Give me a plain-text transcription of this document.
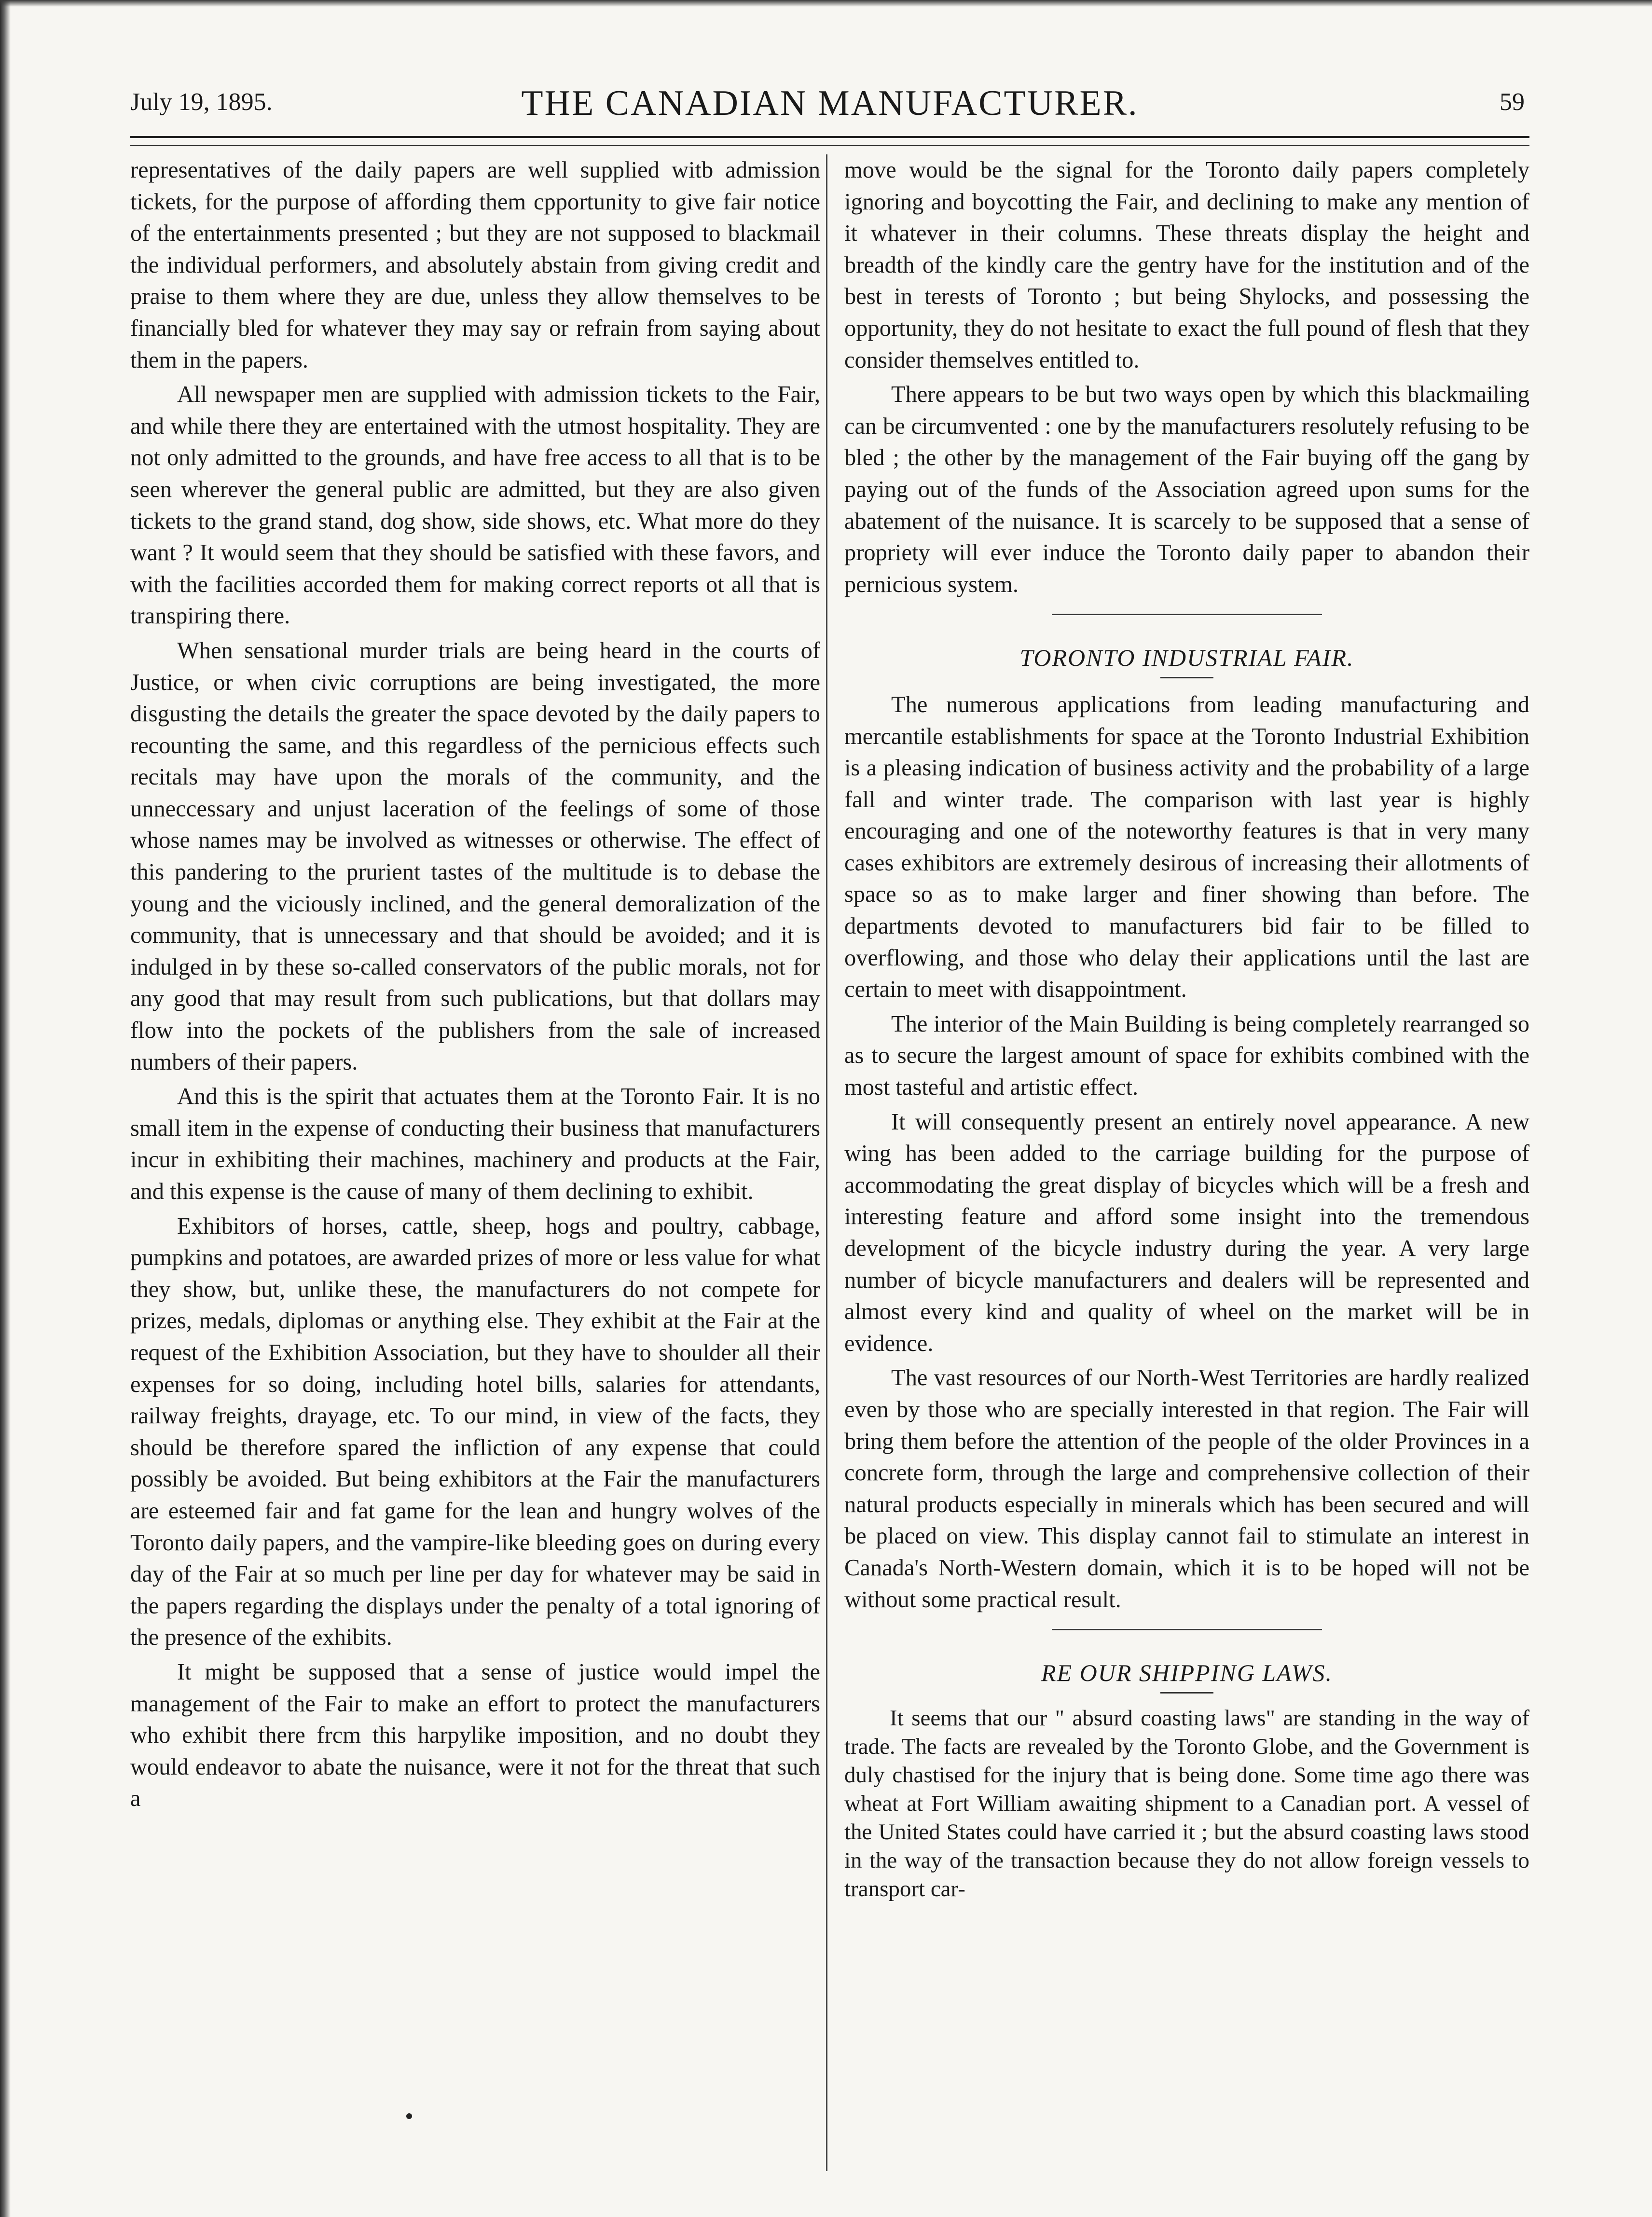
July 19, 1895.	THE CANADIAN MANUFACTURER.	59

representatives of the daily papers are well supplied witb admission tickets, for the purpose of affording them cpportunity to give fair notice of the entertainments presented ; but they are not supposed to blackmail the individual performers, and absolutely abstain from giving credit and praise to them where they are due, unless they allow themselves to be financially bled for whatever they may say or refrain from saying about them in the papers.

All newspaper men are supplied with admission tickets to the Fair, and while there they are entertained with the utmost hospitality. They are not only admitted to the grounds, and have free access to all that is to be seen wherever the general public are admitted, but they are also given tickets to the grand stand, dog show, side shows, etc. What more do they want ? It would seem that they should be satisfied with these favors, and with the facilities accorded them for making correct reports ot all that is transpiring there.

When sensational murder trials are being heard in the courts of Justice, or when civic corruptions are being investigated, the more disgusting the details the greater the space devoted by the daily papers to recounting the same, and this regardless of the pernicious effects such recitals may have upon the morals of the community, and the unneccessary and unjust laceration of the feelings of some of those whose names may be involved as witnesses or otherwise. The effect of this pandering to the prurient tastes of the multitude is to debase the young and the viciously inclined, and the general demoralization of the community, that is unnecessary and that should be avoided; and it is indulged in by these so-called conservators of the public morals, not for any good that may result from such publications, but that dollars may flow into the pockets of the publishers from the sale of increased numbers of their papers.

And this is the spirit that actuates them at the Toronto Fair. It is no small item in the expense of conducting their business that manufacturers incur in exhibiting their machines, machinery and products at the Fair, and this expense is the cause of many of them declining to exhibit.

Exhibitors of horses, cattle, sheep, hogs and poultry, cabbage, pumpkins and potatoes, are awarded prizes of more or less value for what they show, but, unlike these, the manufacturers do not compete for prizes, medals, diplomas or anything else. They exhibit at the Fair at the request of the Exhibition Association, but they have to shoulder all their expenses for so doing, including hotel bills, salaries for attendants, railway freights, drayage, etc. To our mind, in view of the facts, they should be therefore spared the infliction of any expense that could possibly be avoided. But being exhibitors at the Fair the manufacturers are esteemed fair and fat game for the lean and hungry wolves of the Toronto daily papers, and the vampire-like bleeding goes on during every day of the Fair at so much per line per day for whatever may be said in the papers regarding the displays under the penalty of a total ignoring of the presence of the exhibits.

It might be supposed that a sense of justice would impel the management of the Fair to make an effort to protect the manufacturers who exhibit there frcm this harpylike imposition, and no doubt they would endeavor to abate the nuisance, were it not for the threat that such a

move would be the signal for the Toronto daily papers completely ignoring and boycotting the Fair, and declining to make any mention of it whatever in their columns. These threats display the height and breadth of the kindly care the gentry have for the institution and of the best in terests of Toronto ; but being Shylocks, and possessing the opportunity, they do not hesitate to exact the full pound of flesh that they consider themselves entitled to.

There appears to be but two ways open by which this blackmailing can be circumvented : one by the manufacturers resolutely refusing to be bled ; the other by the management of the Fair buying off the gang by paying out of the funds of the Association agreed upon sums for the abatement of the nuisance. It is scarcely to be supposed that a sense of propriety will ever induce the Toronto daily paper to abandon their pernicious system.

TORONTO INDUSTRIAL FAIR.

The numerous applications from leading manufacturing and mercantile establishments for space at the Toronto Industrial Exhibition is a pleasing indication of business activity and the probability of a large fall and winter trade. The comparison with last year is highly encouraging and one of the noteworthy features is that in very many cases exhibitors are extremely desirous of increasing their allotments of space so as to make larger and finer showing than before. The departments devoted to manufacturers bid fair to be filled to overflowing, and those who delay their applications until the last are certain to meet with disappointment.

The interior of the Main Building is being completely rearranged so as to secure the largest amount of space for exhibits combined with the most tasteful and artistic effect.

It will consequently present an entirely novel appearance. A new wing has been added to the carriage building for the purpose of accommodating the great display of bicycles which will be a fresh and interesting feature and afford some insight into the tremendous development of the bicycle industry during the year. A very large number of bicycle manufacturers and dealers will be represented and almost every kind and quality of wheel on the market will be in evidence.

The vast resources of our North-West Territories are hardly realized even by those who are specially interested in that region. The Fair will bring them before the attention of the people of the older Provinces in a concrete form, through the large and comprehensive collection of their natural products especially in minerals which has been secured and will be placed on view. This display cannot fail to stimulate an interest in Canada's North-Western domain, which it is to be hoped will not be without some practical result.

RE OUR SHIPPING LAWS.

It seems that our " absurd coasting laws" are standing in the way of trade. The facts are revealed by the Toronto Globe, and the Government is duly chastised for the injury that is being done. Some time ago there was wheat at Fort William awaiting shipment to a Canadian port. A vessel of the United States could have carried it ; but the absurd coasting laws stood in the way of the transaction because they do not allow foreign vessels to transport car-
